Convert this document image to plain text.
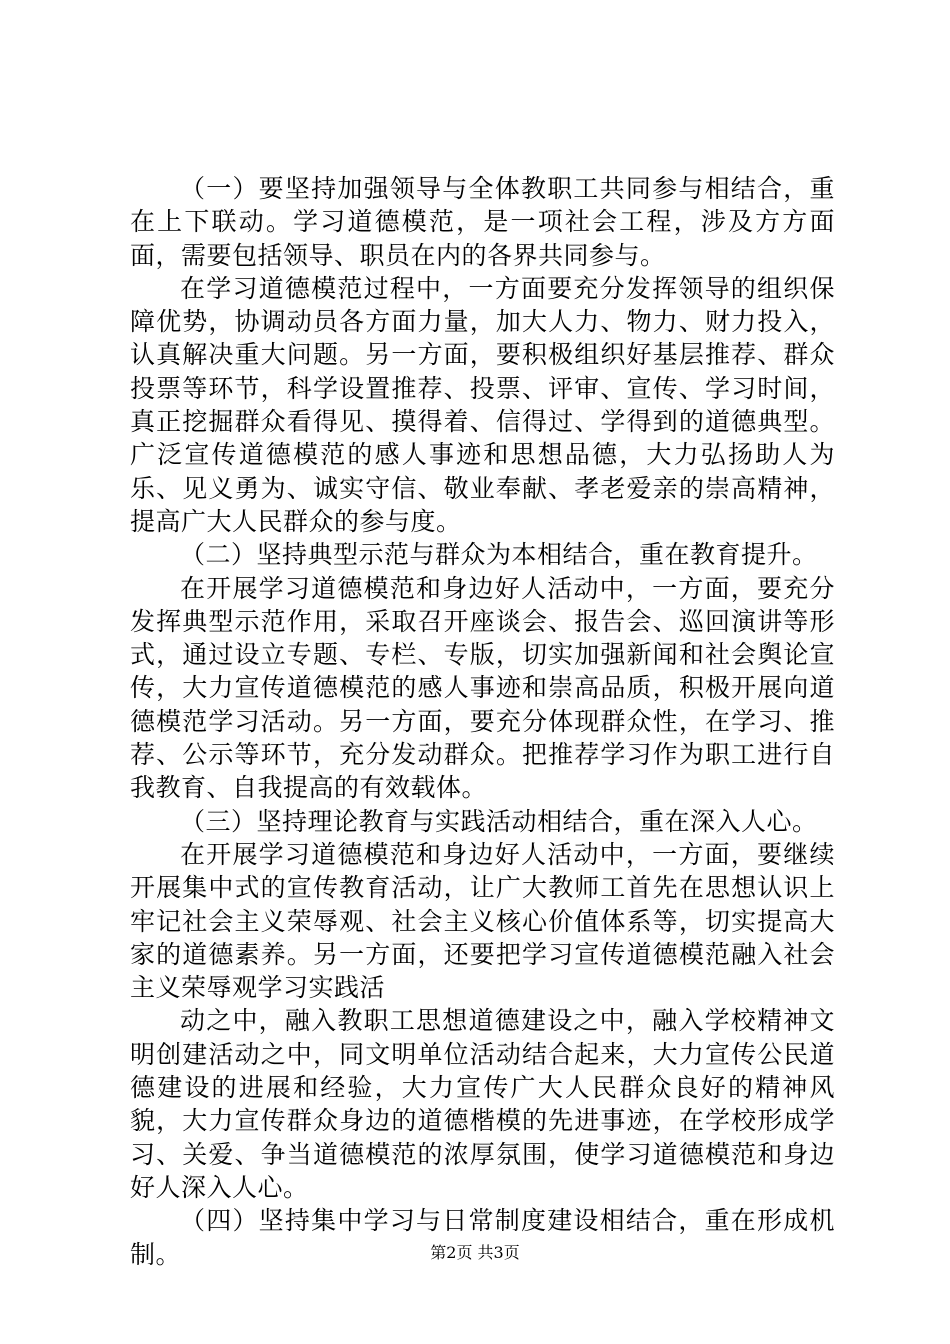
（一）要坚持加强领导与全体教职工共同参与相结合，重在上下联动。学习道德模范，是一项社会工程，涉及方方面面，需要包括领导、职员在内的各界共同参与。

在学习道德模范过程中，一方面要充分发挥领导的组织保障优势，协调动员各方面力量，加大人力、物力、财力投入，认真解决重大问题。另一方面，要积极组织好基层推荐、群众投票等环节，科学设置推荐、投票、评审、宣传、学习时间，真正挖掘群众看得见、摸得着、信得过、学得到的道德典型。广泛宣传道德模范的感人事迹和思想品德，大力弘扬助人为乐、见义勇为、诚实守信、敬业奉献、孝老爱亲的崇高精神，提高广大人民群众的参与度。

（二）坚持典型示范与群众为本相结合，重在教育提升。

在开展学习道德模范和身边好人活动中，一方面，要充分发挥典型示范作用，采取召开座谈会、报告会、巡回演讲等形式，通过设立专题、专栏、专版，切实加强新闻和社会舆论宣传，大力宣传道德模范的感人事迹和崇高品质，积极开展向道德模范学习活动。另一方面，要充分体现群众性，在学习、推荐、公示等环节，充分发动群众。把推荐学习作为职工进行自我教育、自我提高的有效载体。

（三）坚持理论教育与实践活动相结合，重在深入人心。

在开展学习道德模范和身边好人活动中，一方面，要继续开展集中式的宣传教育活动，让广大教师工首先在思想认识上牢记社会主义荣辱观、社会主义核心价值体系等，切实提高大家的道德素养。另一方面，还要把学习宣传道德模范融入社会主义荣辱观学习实践活

动之中，融入教职工思想道德建设之中，融入学校精神文明创建活动之中，同文明单位活动结合起来，大力宣传公民道德建设的进展和经验，大力宣传广大人民群众良好的精神风貌，大力宣传群众身边的道德楷模的先进事迹，在学校形成学习、关爱、争当道德模范的浓厚氛围，使学习道德模范和身边好人深入人心。

（四）坚持集中学习与日常制度建设相结合，重在形成机制。	第2页 共3页
